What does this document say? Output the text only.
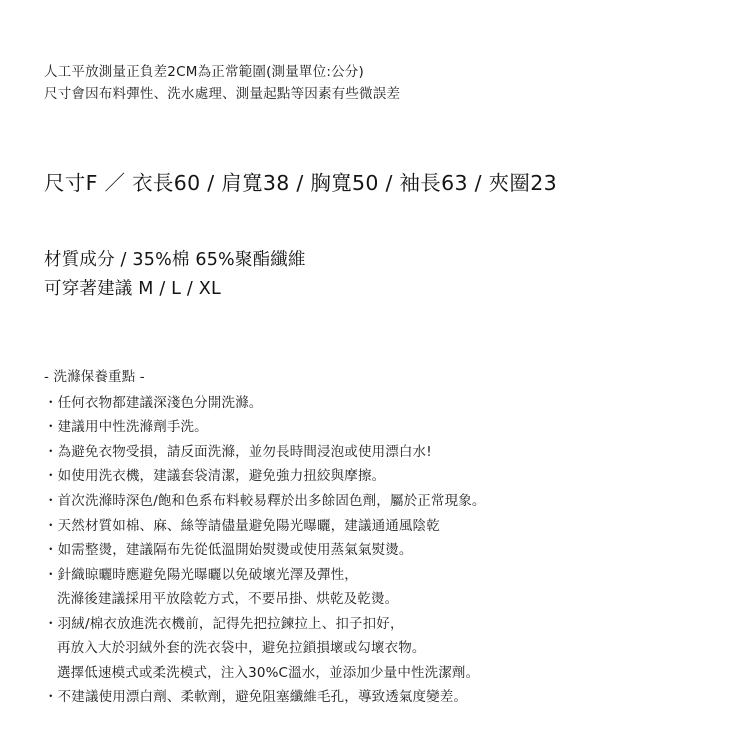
人工平放測量正負差2CM為正常範圍(測量單位:公分)
尺寸會因布料彈性、洗水處理、測量起點等因素有些微誤差
尺寸F ／ 衣長60 / 肩寬38 / 胸寬50 / 袖長63 / 夾圈23
材質成分 / 35%棉 65%聚酯纖維
可穿著建議 M / L / XL
- 洗滌保養重點 -
・任何衣物都建議深淺色分開洗滌。
・建議用中性洗滌劑手洗。
・為避免衣物受損，請反面洗滌，並勿長時間浸泡或使用漂白水!
・如使用洗衣機，建議套袋清潔，避免強力扭絞與摩擦。
・首次洗滌時深色/飽和色系布料較易釋於出多餘固色劑，屬於正常現象。
・天然材質如棉、麻、絲等請儘量避免陽光曝曬，建議通通風陰乾
・如需整燙，建議隔布先從低溫開始熨燙或使用蒸氣氣熨燙。
・針織晾曬時應避免陽光曝曬以免破壞光澤及彈性，
洗滌後建議採用平放陰乾方式，不要吊掛、烘乾及乾燙。
・羽絨/棉衣放進洗衣機前，記得先把拉鍊拉上、扣子扣好，
再放入大於羽絨外套的洗衣袋中，避免拉鎖損壞或勾壞衣物。
選擇低速模式或柔洗模式，注入30%C溫水，並添加少量中性洗潔劑。
・不建議使用漂白劑、柔軟劑，避免阻塞纖維毛孔，導致透氣度變差。
